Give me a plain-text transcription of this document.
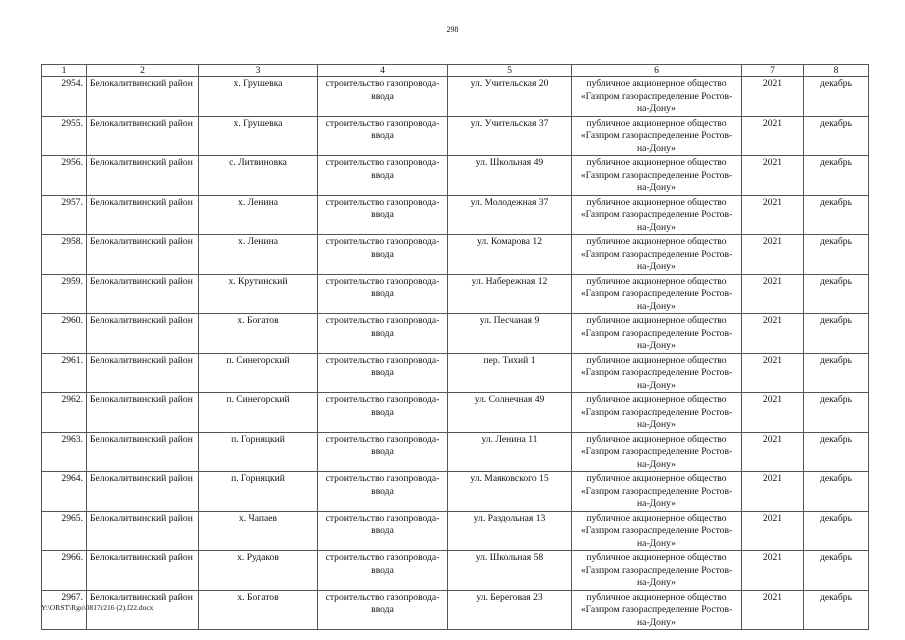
298
1	2	3	4	5	6	7	8
2954.	Белокалитвинский район	х. Грушевка	строительство газопровода-ввода	ул. Учительская 20	публичное акционерное общество «Газпром газораспределение Ростов-на-Дону»	2021	декабрь
2955.	Белокалитвинский район	х. Грушевка	строительство газопровода-ввода	ул. Учительская 37	публичное акционерное общество «Газпром газораспределение Ростов-на-Дону»	2021	декабрь
2956.	Белокалитвинский район	с. Литвиновка	строительство газопровода-ввода	ул. Школьная 49	публичное акционерное общество «Газпром газораспределение Ростов-на-Дону»	2021	декабрь
2957.	Белокалитвинский район	х. Ленина	строительство газопровода-ввода	ул. Молодежная 37	публичное акционерное общество «Газпром газораспределение Ростов-на-Дону»	2021	декабрь
2958.	Белокалитвинский район	х. Ленина	строительство газопровода-ввода	ул. Комарова 12	публичное акционерное общество «Газпром газораспределение Ростов-на-Дону»	2021	декабрь
2959.	Белокалитвинский район	х. Крутинский	строительство газопровода-ввода	ул. Набережная 12	публичное акционерное общество «Газпром газораспределение Ростов-на-Дону»	2021	декабрь
2960.	Белокалитвинский район	х. Богатов	строительство газопровода-ввода	ул. Песчаная 9	публичное акционерное общество «Газпром газораспределение Ростов-на-Дону»	2021	декабрь
2961.	Белокалитвинский район	п. Синегорский	строительство газопровода-ввода	пер. Тихий 1	публичное акционерное общество «Газпром газораспределение Ростов-на-Дону»	2021	декабрь
2962.	Белокалитвинский район	п. Синегорский	строительство газопровода-ввода	ул. Солнечная 49	публичное акционерное общество «Газпром газораспределение Ростов-на-Дону»	2021	декабрь
2963.	Белокалитвинский район	п. Горняцкий	строительство газопровода-ввода	ул. Ленина 11	публичное акционерное общество «Газпром газораспределение Ростов-на-Дону»	2021	декабрь
2964.	Белокалитвинский район	п. Горняцкий	строительство газопровода-ввода	ул. Маяковского 15	публичное акционерное общество «Газпром газораспределение Ростов-на-Дону»	2021	декабрь
2965.	Белокалитвинский район	х. Чапаев	строительство газопровода-ввода	ул. Раздольная 13	публичное акционерное общество «Газпром газораспределение Ростов-на-Дону»	2021	декабрь
2966.	Белокалитвинский район	х. Рудаков	строительство газопровода-ввода	ул. Школьная 58	публичное акционерное общество «Газпром газораспределение Ростов-на-Дону»	2021	декабрь
2967.	Белокалитвинский район	х. Богатов	строительство газопровода-ввода	ул. Береговая 23	публичное акционерное общество «Газпром газораспределение Ростов-на-Дону»	2021	декабрь
Y:\ORST\Rgo\0817r216 (2).f22.docx
